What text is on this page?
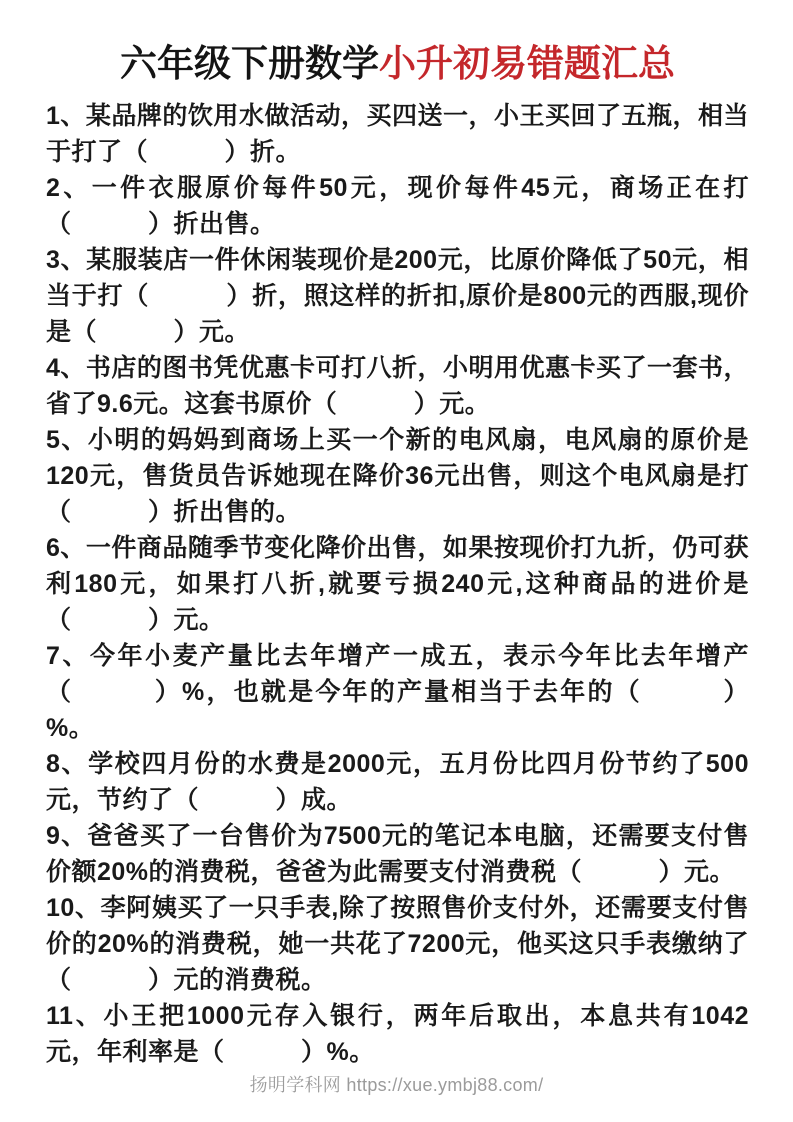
六年级下册数学小升初易错题汇总

1、某品牌的饮用水做活动，买四送一，小王买回了五瓶，相当于打了（　　　）折。

2、一件衣服原价每件50元，现价每件45元，商场正在打（　　　）折出售。

3、某服装店一件休闲装现价是200元，比原价降低了50元，相当于打（　　　）折，照这样的折扣,原价是800元的西服,现价是（　　　）元。

4、书店的图书凭优惠卡可打八折，小明用优惠卡买了一套书，省了9.6元。这套书原价（　　　）元。

5、小明的妈妈到商场上买一个新的电风扇，电风扇的原价是120元，售货员告诉她现在降价36元出售，则这个电风扇是打（　　　）折出售的。

6、一件商品随季节变化降价出售，如果按现价打九折，仍可获利180元，如果打八折,就要亏损240元,这种商品的进价是（　　　）元。

7、今年小麦产量比去年增产一成五，表示今年比去年增产（　　　）%，也就是今年的产量相当于去年的（　　　）%。

8、学校四月份的水费是2000元，五月份比四月份节约了500元，节约了（　　　）成。

9、爸爸买了一台售价为7500元的笔记本电脑，还需要支付售价额20%的消费税，爸爸为此需要支付消费税（　　　）元。

10、李阿姨买了一只手表,除了按照售价支付外，还需要支付售价的20%的消费税，她一共花了7200元，他买这只手表缴纳了（　　　）元的消费税。

11、小王把1000元存入银行，两年后取出，本息共有1042元，年利率是（　　　）%。

扬明学科网 https://xue.ymbj88.com/
